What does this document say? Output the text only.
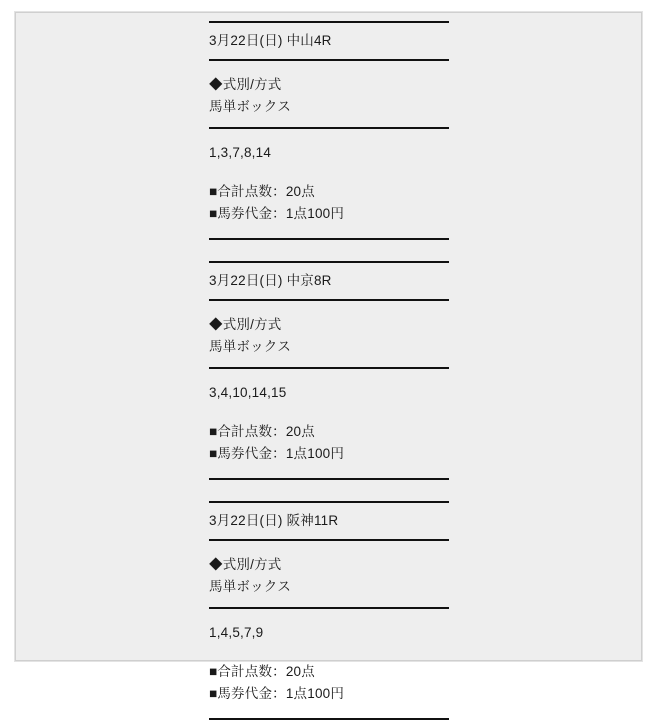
3月22日(日) 中山4R
◆式別/方式
馬単ボックス
1,3,7,8,14
■合計点数：20点
■馬券代金：1点100円
3月22日(日) 中京8R
◆式別/方式
馬単ボックス
3,4,10,14,15
■合計点数：20点
■馬券代金：1点100円
3月22日(日) 阪神11R
◆式別/方式
馬単ボックス
1,4,5,7,9
■合計点数：20点
■馬券代金：1点100円
